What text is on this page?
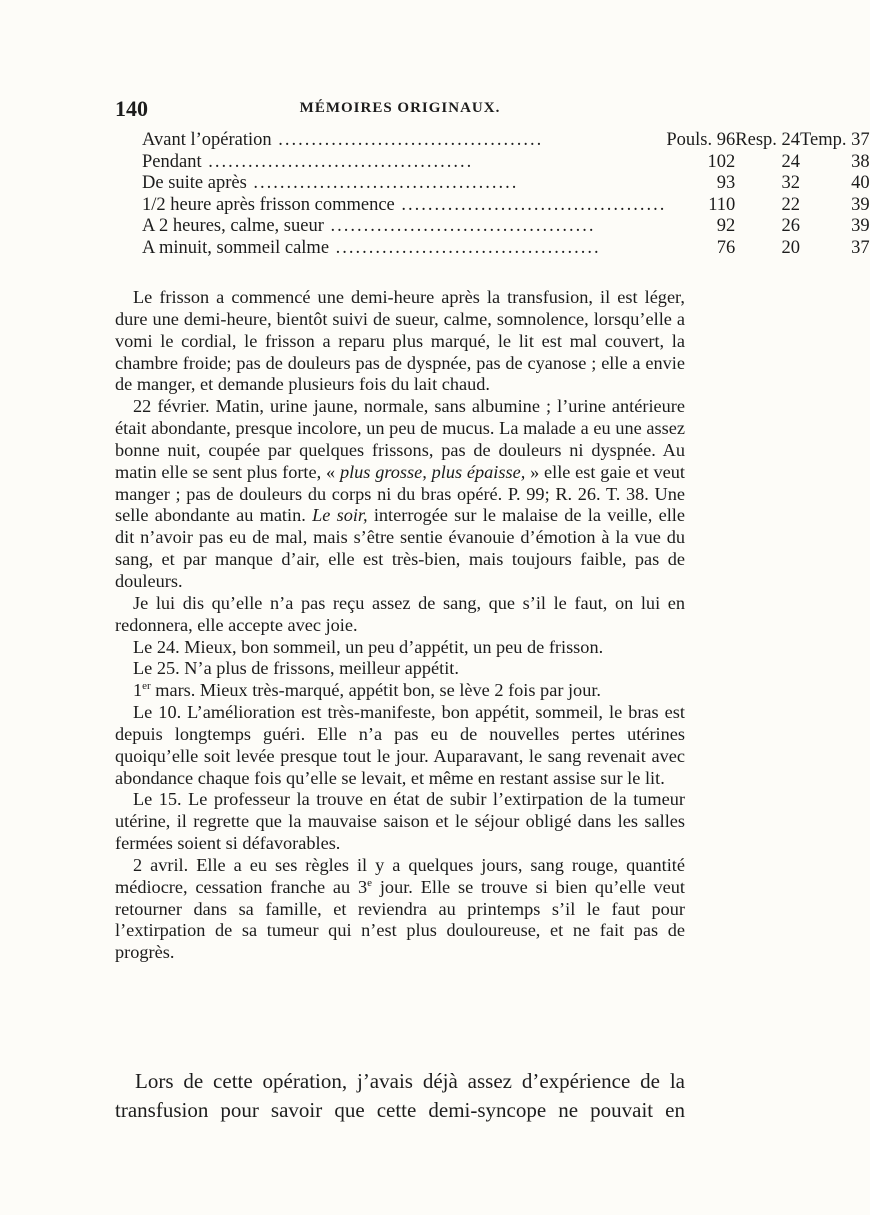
140	MÉMOIRES ORIGINAUX.
Avant l’opération ........................................	Pouls. 96	Resp. 24	Temp. 37
Pendant ........................................	102	24	38
De suite après ........................................	93	32	40
1/2 heure après frisson commence ........................................	110	22	39
A 2 heures, calme, sueur ........................................	92	26	39
A minuit, sommeil calme ........................................	76	20	37

Le frisson a commencé une demi-heure après la transfusion, il est léger, dure une demi-heure, bientôt suivi de sueur, calme, somnolence, lorsqu’elle a vomi le cordial, le frisson a reparu plus marqué, le lit est mal couvert, la chambre froide; pas de douleurs pas de dyspnée, pas de cyanose ; elle a envie de manger, et demande plusieurs fois du lait chaud.

22 février. Matin, urine jaune, normale, sans albumine ; l’urine antérieure était abondante, presque incolore, un peu de mucus. La malade a eu une assez bonne nuit, coupée par quelques frissons, pas de douleurs ni dyspnée. Au matin elle se sent plus forte, « plus grosse, plus épaisse, » elle est gaie et veut manger ; pas de douleurs du corps ni du bras opéré. P. 99; R. 26. T. 38. Une selle abondante au matin. Le soir, interrogée sur le malaise de la veille, elle dit n’avoir pas eu de mal, mais s’être sentie évanouie d’émotion à la vue du sang, et par manque d’air, elle est très-bien, mais toujours faible, pas de douleurs.

Je lui dis qu’elle n’a pas reçu assez de sang, que s’il le faut, on lui en redonnera, elle accepte avec joie.

Le 24. Mieux, bon sommeil, un peu d’appétit, un peu de frisson.

Le 25. N’a plus de frissons, meilleur appétit.

1er mars. Mieux très-marqué, appétit bon, se lève 2 fois par jour.

Le 10. L’amélioration est très-manifeste, bon appétit, sommeil, le bras est depuis longtemps guéri. Elle n’a pas eu de nouvelles pertes utérines quoiqu’elle soit levée presque tout le jour. Auparavant, le sang revenait avec abondance chaque fois qu’elle se levait, et même en restant assise sur le lit.

Le 15. Le professeur la trouve en état de subir l’extirpation de la tumeur utérine, il regrette que la mauvaise saison et le séjour obligé dans les salles fermées soient si défavorables.

2 avril. Elle a eu ses règles il y a quelques jours, sang rouge, quantité médiocre, cessation franche au 3e jour. Elle se trouve si bien qu’elle veut retourner dans sa famille, et reviendra au printemps s’il le faut pour l’extirpation de sa tumeur qui n’est plus douloureuse, et ne fait pas de progrès.

Lors de cette opération, j’avais déjà assez d’expérience de la

transfusion pour savoir que cette demi-syncope ne pouvait en
